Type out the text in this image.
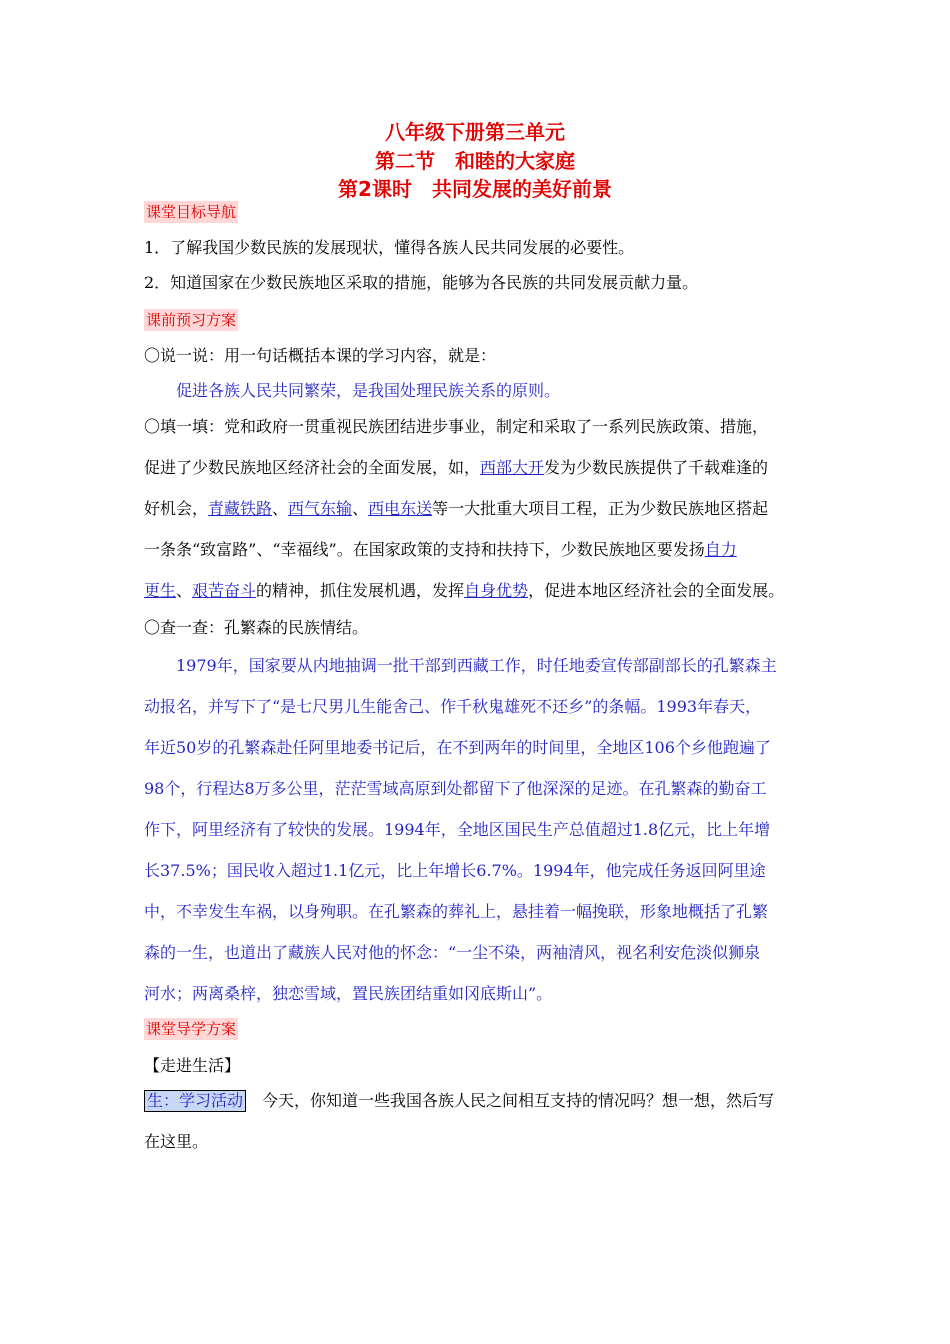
八年级下册第三单元
第二节　和睦的大家庭
第2课时　共同发展的美好前景
课堂目标导航
1．了解我国少数民族的发展现状，懂得各族人民共同发展的必要性。
2．知道国家在少数民族地区采取的措施，能够为各民族的共同发展贡献力量。
课前预习方案
〇说一说：用一句话概括本课的学习内容，就是：
促进各族人民共同繁荣，是我国处理民族关系的原则。
〇填一填：党和政府一贯重视民族团结进步事业，制定和采取了一系列民族政策、措施，
促进了少数民族地区经济社会的全面发展，如，西部大开发为少数民族提供了千载难逢的
好机会，青藏铁路、西气东输、西电东送等一大批重大项目工程，正为少数民族地区搭起
一条条“致富路”、“幸福线”。在国家政策的支持和扶持下，少数民族地区要发扬自力
更生、艰苦奋斗的精神，抓住发展机遇，发挥自身优势，促进本地区经济社会的全面发展。
〇查一查：孔繁森的民族情结。
1979年，国家要从内地抽调一批干部到西藏工作，时任地委宣传部副部长的孔繁森主
动报名，并写下了“是七尺男儿生能舍己、作千秋鬼雄死不还乡”的条幅。1993年春天，
年近50岁的孔繁森赴任阿里地委书记后，在不到两年的时间里，全地区106个乡他跑遍了
98个，行程达8万多公里，茫茫雪域高原到处都留下了他深深的足迹。在孔繁森的勤奋工
作下，阿里经济有了较快的发展。1994年，全地区国民生产总值超过1.8亿元，比上年增
长37.5%；国民收入超过1.1亿元，比上年增长6.7%。1994年，他完成任务返回阿里途
中，不幸发生车祸，以身殉职。在孔繁森的葬礼上，悬挂着一幅挽联，形象地概括了孔繁
森的一生，也道出了藏族人民对他的怀念：“一尘不染，两袖清风，视名利安危淡似狮泉
河水；两离桑梓，独恋雪域，置民族团结重如冈底斯山”。
课堂导学方案
【走进生活】
生：学习活动 今天，你知道一些我国各族人民之间相互支持的情况吗？想一想，然后写
在这里。
